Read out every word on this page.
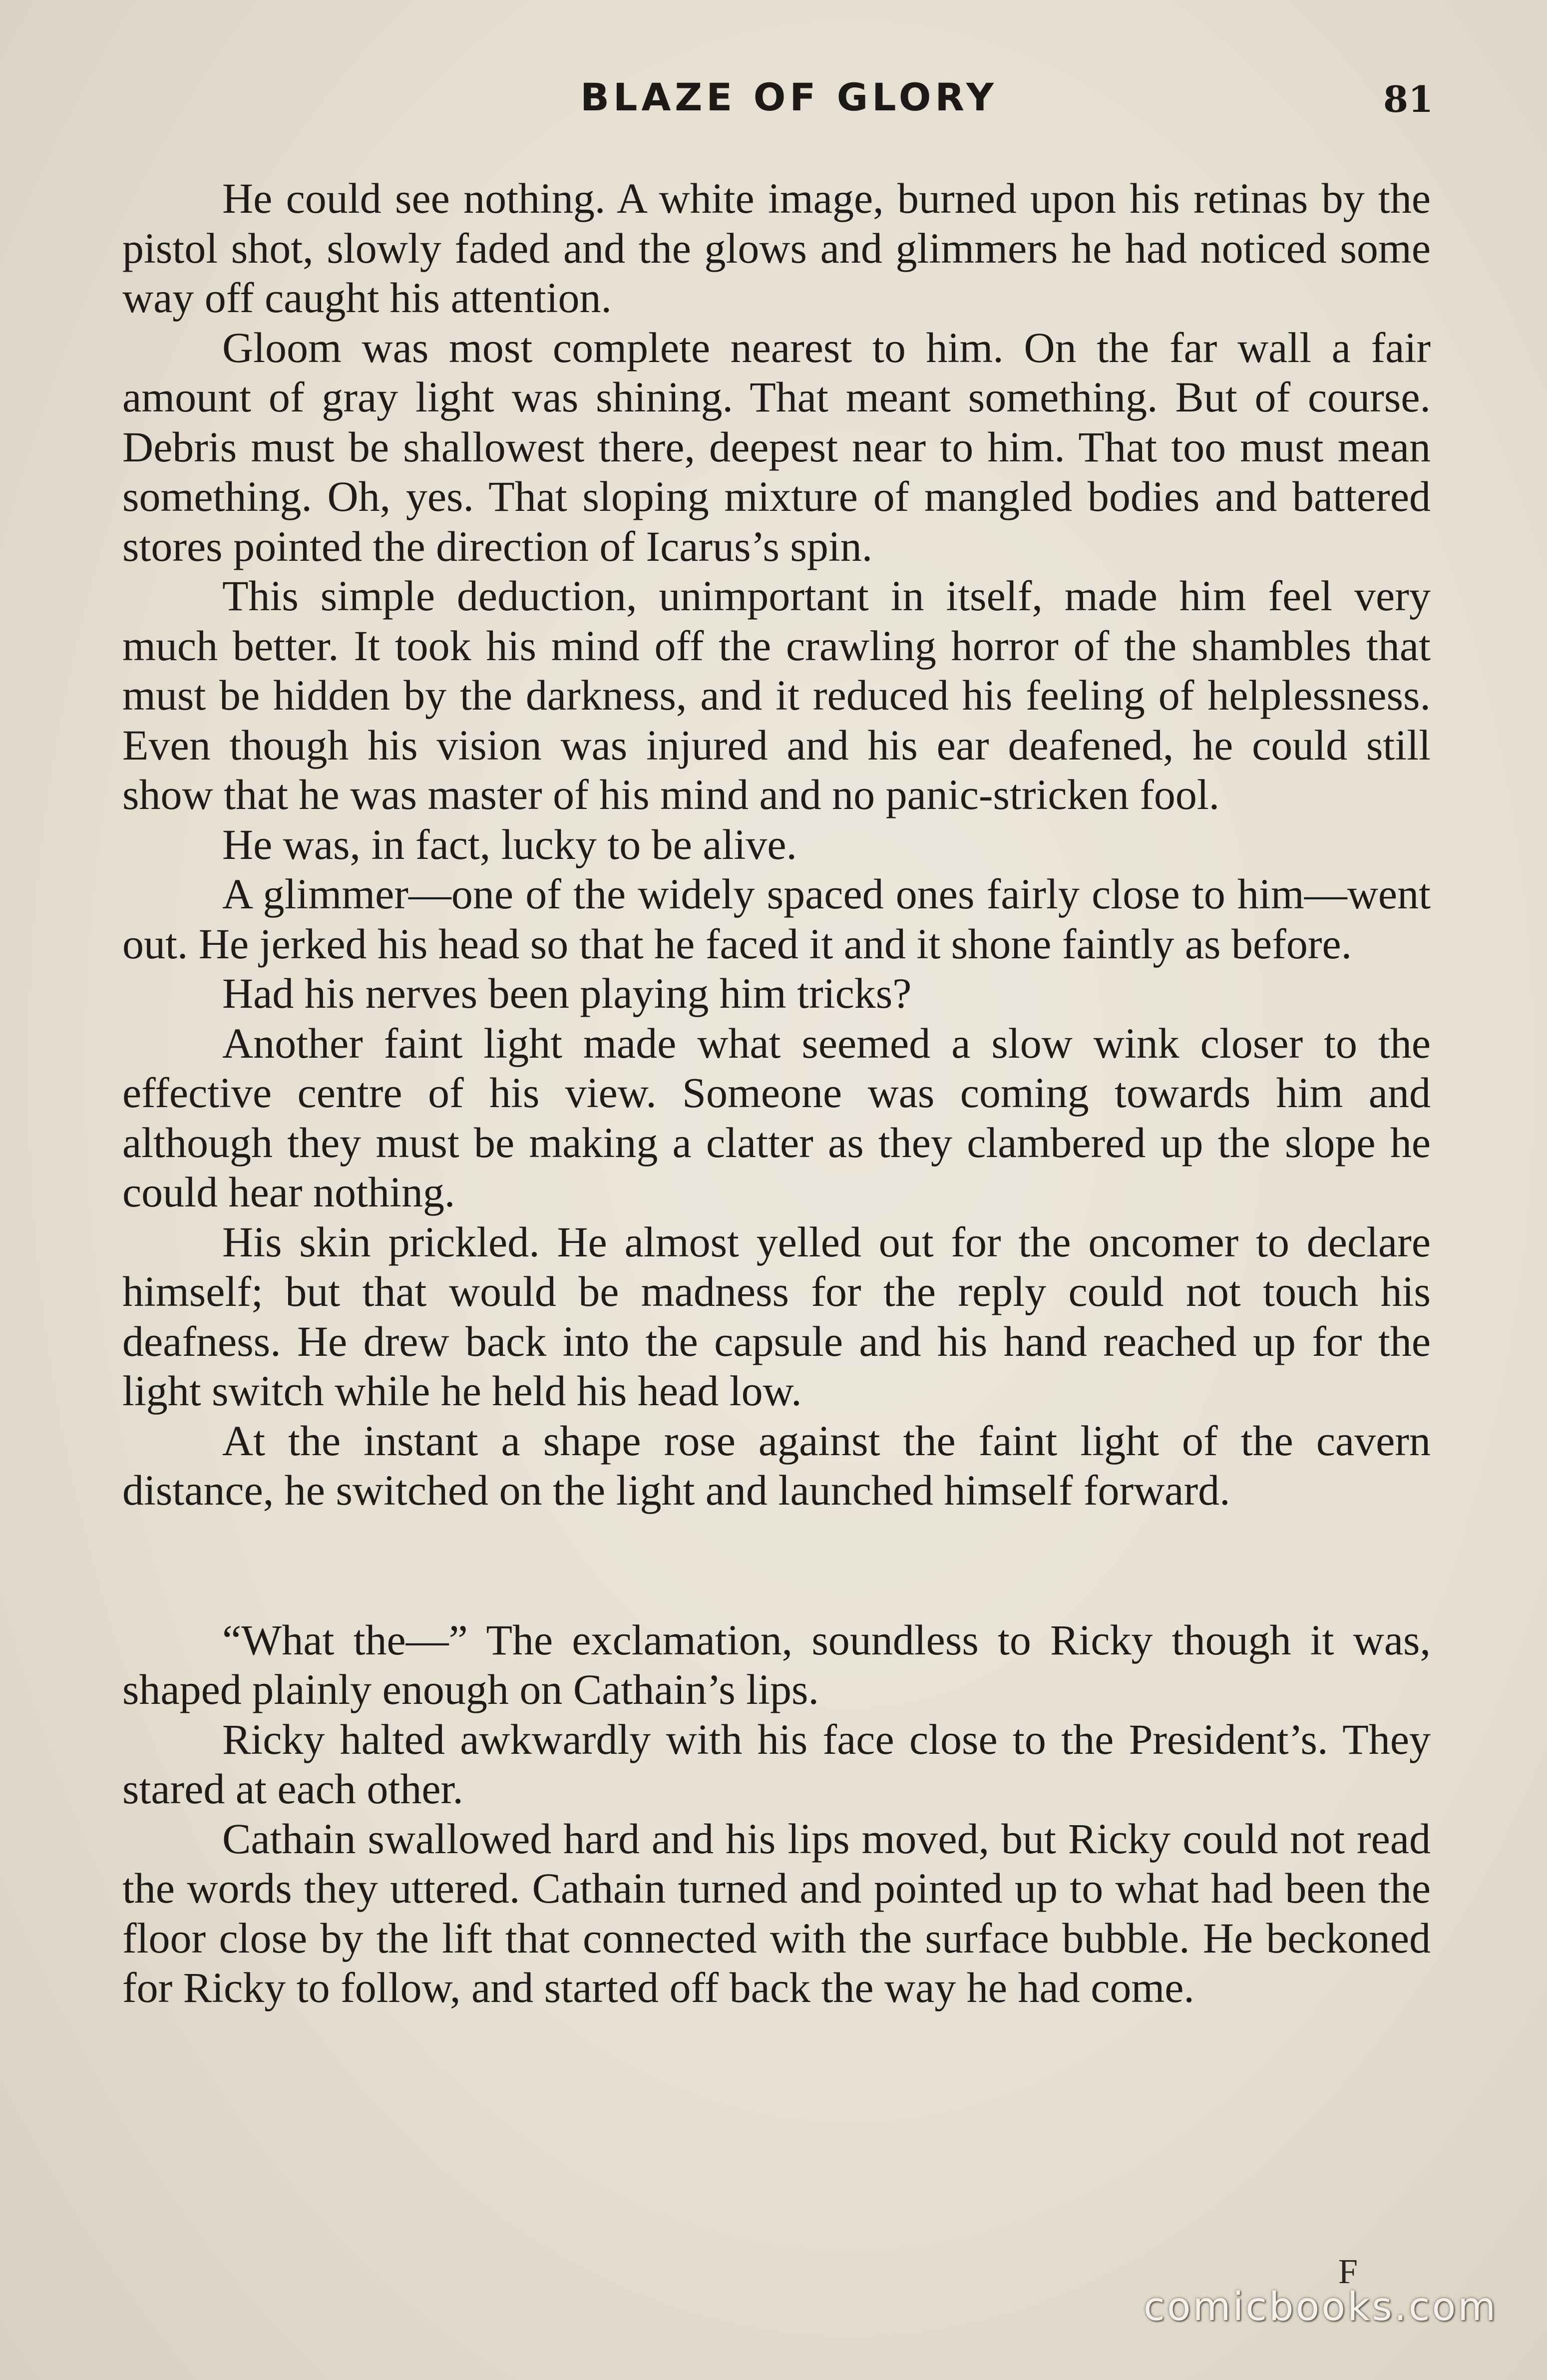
BLAZE OF GLORY	81

He could see nothing. A white image, burned upon his retinas by the pistol shot, slowly faded and the glows and glimmers he had noticed some way off caught his attention.

Gloom was most complete nearest to him. On the far wall a fair amount of gray light was shining. That meant something. But of course. Debris must be shallowest there, deepest near to him. That too must mean something. Oh, yes. That sloping mixture of mangled bodies and battered stores pointed the direction of Icarus’s spin.

This simple deduction, unimportant in itself, made him feel very much better. It took his mind off the crawling horror of the shambles that must be hidden by the darkness, and it reduced his feeling of helplessness. Even though his vision was injured and his ear deafened, he could still show that he was master of his mind and no panic-stricken fool.

He was, in fact, lucky to be alive.

A glimmer—one of the widely spaced ones fairly close to him—went out. He jerked his head so that he faced it and it shone faintly as before.

Had his nerves been playing him tricks?

Another faint light made what seemed a slow wink closer to the effective centre of his view. Someone was coming towards him and although they must be making a clatter as they clambered up the slope he could hear nothing.

His skin prickled. He almost yelled out for the oncomer to declare himself; but that would be madness for the reply could not touch his deafness. He drew back into the capsule and his hand reached up for the light switch while he held his head low.

At the instant a shape rose against the faint light of the cavern distance, he switched on the light and launched himself forward.

“What the—” The exclamation, soundless to Ricky though it was, shaped plainly enough on Cathain’s lips.

Ricky halted awkwardly with his face close to the President’s. They stared at each other.

Cathain swallowed hard and his lips moved, but Ricky could not read the words they uttered. Cathain turned and pointed up to what had been the floor close by the lift that connected with the surface bubble. He beckoned for Ricky to follow, and started off back the way he had come.

F
comicbooks.com
